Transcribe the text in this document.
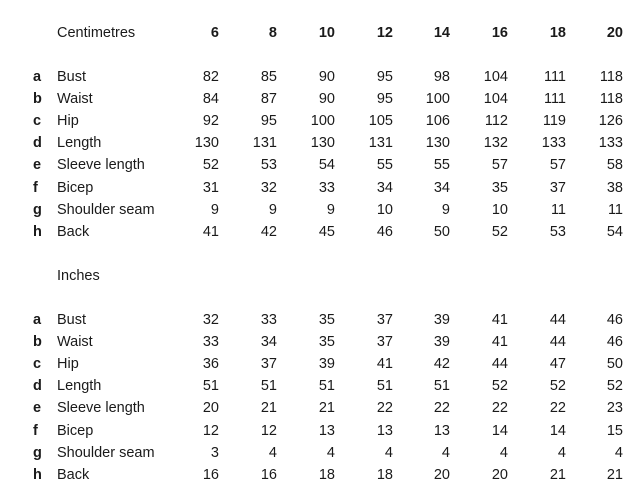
Centimetres	6	8	10	12	14	16	18	20
a Bust	82	85	90	95	98	104	111	118
b Waist	84	87	90	95	100	104	111	118
c Hip	92	95	100	105	106	112	119	126
d Length	130	131	130	131	130	132	133	133
e Sleeve length	52	53	54	55	55	57	57	58
f Bicep	31	32	33	34	34	35	37	38
g Shoulder seam	9	9	9	10	9	10	11	11
h Back	41	42	45	46	50	52	53	54
Inches
a Bust	32	33	35	37	39	41	44	46
b Waist	33	34	35	37	39	41	44	46
c Hip	36	37	39	41	42	44	47	50
d Length	51	51	51	51	51	52	52	52
e Sleeve length	20	21	21	22	22	22	22	23
f Bicep	12	12	13	13	13	14	14	15
g Shoulder seam	3	4	4	4	4	4	4	4
h Back	16	16	18	18	20	20	21	21
